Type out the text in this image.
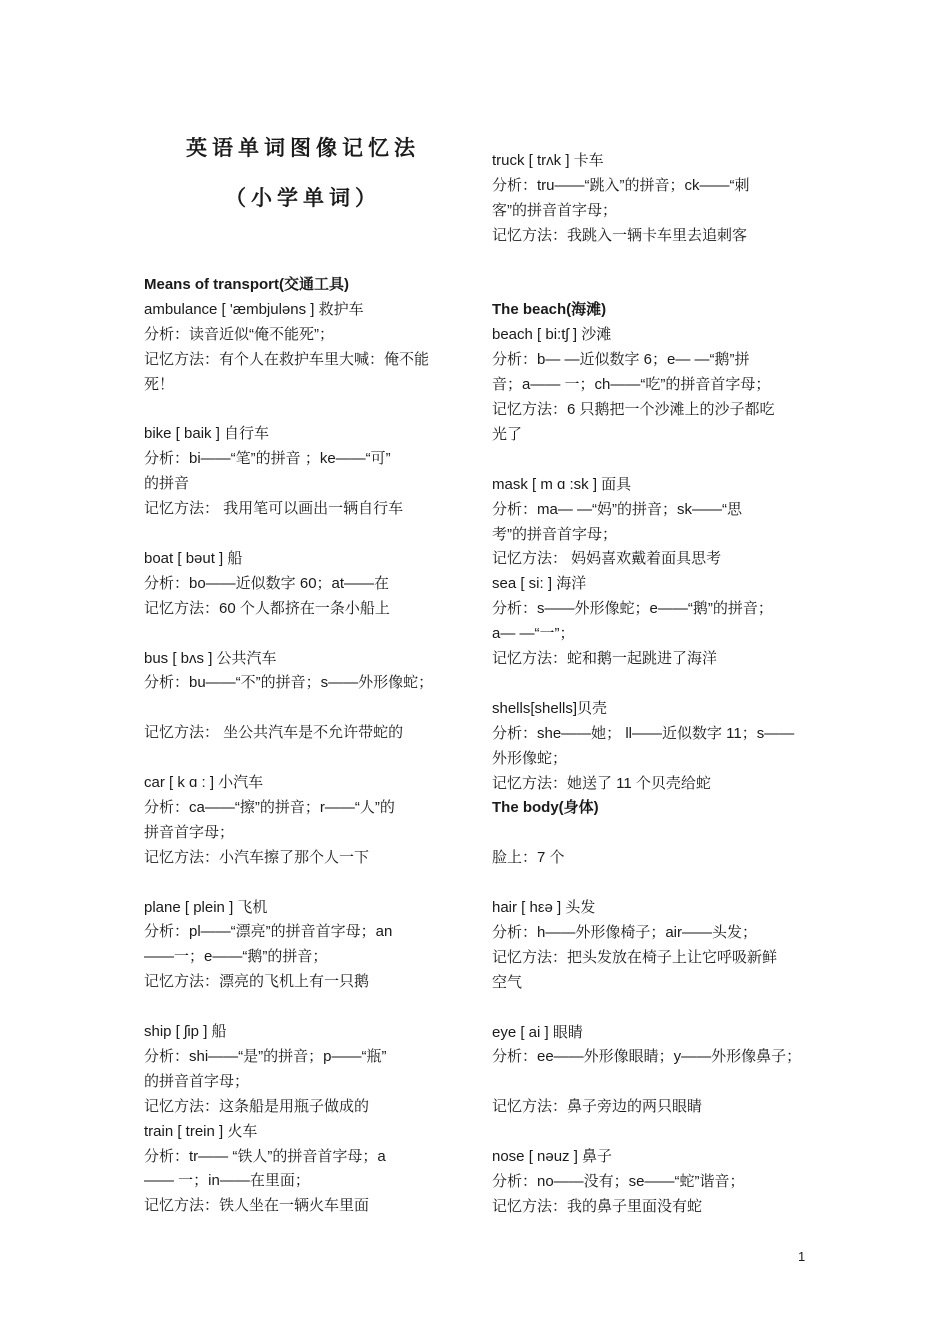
英语单词图像记忆法
（小学单词）
Means of transport(交通工具)
ambulance [ 'æmbjuləns ] 救护车
分析：读音近似“俺不能死”；
记忆方法：有个人在救护车里大喊：俺不能
死！
bike [ baik ] 自行车
分析：bi——“笔”的拼音 ；ke——“可”
的拼音
记忆方法： 我用笔可以画出一辆自行车
boat [ bəut ] 船
分析：bo——近似数字 60；at——在
记忆方法：60 个人都挤在一条小船上
bus [ bʌs ] 公共汽车
分析：bu——“不”的拼音；s——外形像蛇；
记忆方法： 坐公共汽车是不允许带蛇的
car [ k ɑ : ] 小汽车
分析：ca——“擦”的拼音；r——“人”的
拼音首字母；
记忆方法：小汽车擦了那个人一下
plane [ plein ] 飞机
分析：pl——“漂亮”的拼音首字母；an
——一；e——“鹅”的拼音；
记忆方法：漂亮的飞机上有一只鹅
ship [ ʃip ] 船
分析：shi——“是”的拼音；p——“瓶”
的拼音首字母；
记忆方法：这条船是用瓶子做成的
train [ trein ] 火车
分析：tr—— “铁人”的拼音首字母；a
—— 一；in——在里面；
记忆方法：铁人坐在一辆火车里面
truck [ trʌk ] 卡车
分析：tru——“跳入”的拼音；ck——“刺
客”的拼音首字母；
记忆方法：我跳入一辆卡车里去追刺客
The beach(海滩)
beach [ bi:tʃ ] 沙滩
分析：b— —近似数字 6；e— —“鹅”拼
音；a—— 一；ch——“吃”的拼音首字母；
记忆方法：6 只鹅把一个沙滩上的沙子都吃
光了
mask [ m ɑ :sk ] 面具
分析：ma— —“妈”的拼音；sk——“思
考”的拼音首字母；
记忆方法： 妈妈喜欢戴着面具思考
sea [ si: ] 海洋
分析：s——外形像蛇；e——“鹅”的拼音；
a— —“一”；
记忆方法：蛇和鹅一起跳进了海洋
shells[shells]贝壳
分析：she——她； ll——近似数字 11；s——
外形像蛇；
记忆方法：她送了 11 个贝壳给蛇
The body(身体)
脸上：7 个
hair [ hεə ] 头发
分析：h——外形像椅子；air——头发；
记忆方法：把头发放在椅子上让它呼吸新鲜
空气
eye [ ai ] 眼睛
分析：ee——外形像眼睛；y——外形像鼻子；
记忆方法：鼻子旁边的两只眼睛
nose [ nəuz ] 鼻子
分析：no——没有；se——“蛇”谐音；
记忆方法：我的鼻子里面没有蛇
1
